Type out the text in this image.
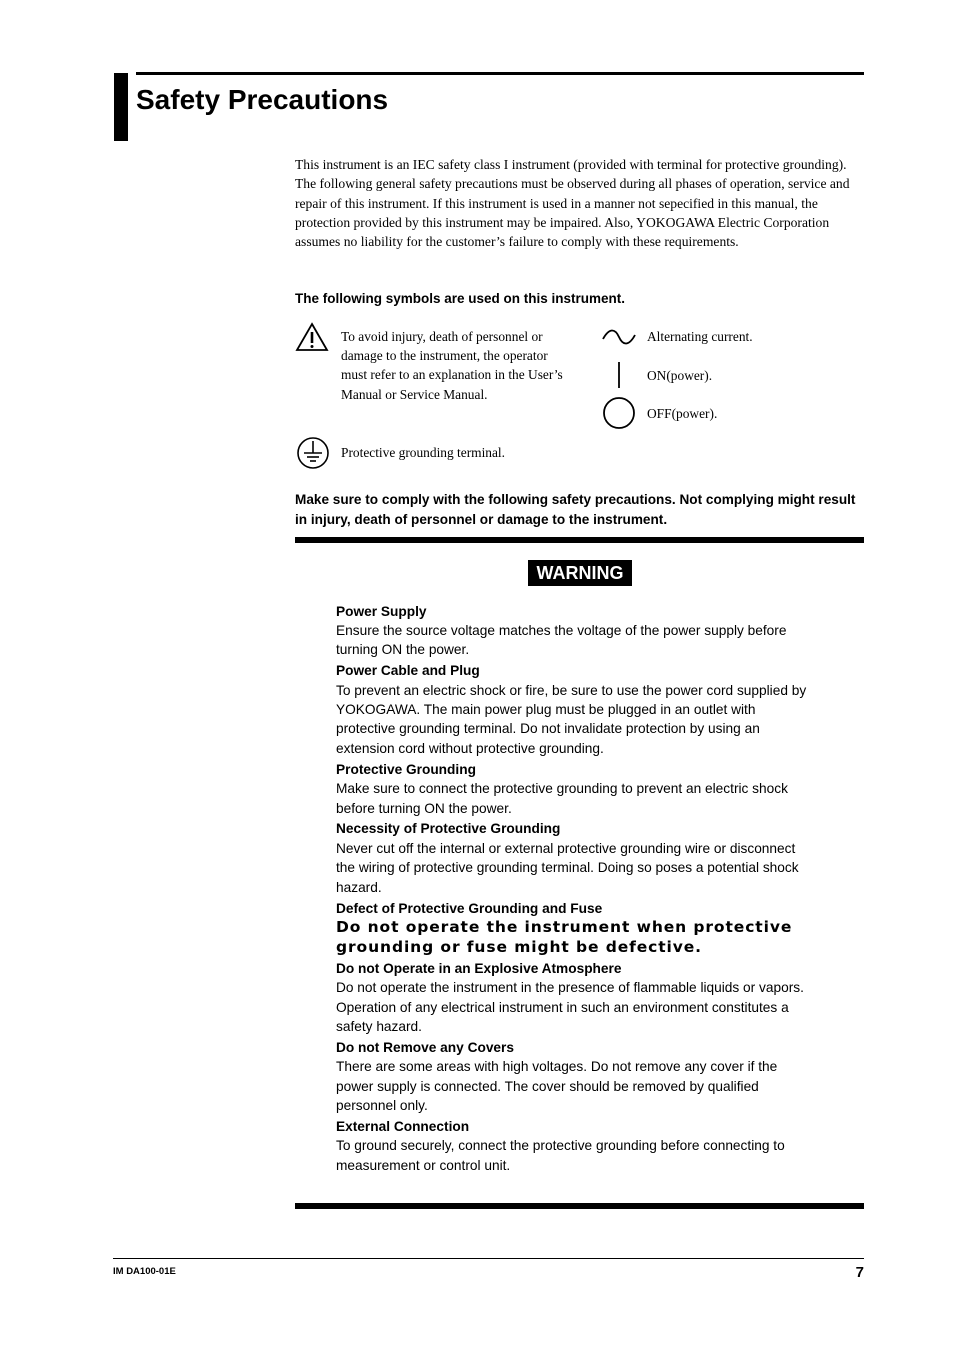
Safety Precautions

This instrument is an IEC safety class I instrument (provided with terminal for protective grounding).

The following general safety precautions must be observed during all phases of operation, service and repair of this instrument. If this instrument is used in a manner not sepecified in this manual, the protection provided by this instrument may be impaired. Also, YOKOGAWA Electric Corporation assumes no liability for the customer’s failure to comply with these requirements.

The following symbols are used on this instrument.
To avoid injury, death of personnel or damage to the instrument, the operator must refer to an explanation in the User’s Manual or Service Manual.
Protective grounding terminal.
Alternating current.
ON(power).
OFF(power).
Make sure to comply with the following safety precautions. Not complying might result in injury, death of personnel or damage to the instrument.
WARNING
Power Supply
Ensure the source voltage matches the voltage of the power supply before turning ON the power.
Power Cable and Plug
To prevent an electric shock or fire, be sure to use the power cord supplied by YOKOGAWA. The main power plug must be plugged in an outlet with protective grounding terminal. Do not invalidate protection by using an extension cord without protective grounding.
Protective Grounding
Make sure to connect the protective grounding to prevent an electric shock before turning ON the power.
Necessity of Protective Grounding
Never cut off the internal or external protective grounding wire or disconnect the wiring of protective grounding terminal. Doing so poses a potential shock hazard.
Defect of Protective Grounding and Fuse
Do not operate the instrument when protective grounding or fuse might be defective.
Do not Operate in an Explosive Atmosphere
Do not operate the instrument in the presence of flammable liquids or vapors. Operation of any electrical instrument in such an environment constitutes a safety hazard.
Do not Remove any Covers
There are some areas with high voltages. Do not remove any cover if the power supply is connected. The cover should be removed by qualified personnel only.
External Connection
To ground securely, connect the protective grounding before connecting to measurement or control unit.
IM DA100-01E	7
